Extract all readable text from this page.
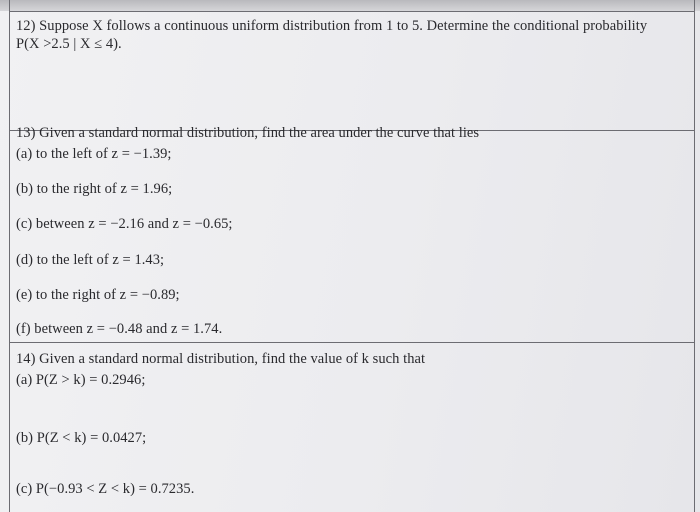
12) Suppose X follows a continuous uniform distribution from 1 to 5. Determine the conditional probability
P(X >2.5 | X ≤ 4).
13) Given a standard normal distribution, find the area under the curve that lies
(a) to the left of z = −1.39;
(b) to the right of z = 1.96;
(c) between z = −2.16 and z = −0.65;
(d) to the left of z = 1.43;
(e) to the right of z = −0.89;
(f) between z = −0.48 and z = 1.74.
14) Given a standard normal distribution, find the value of k such that
(a) P(Z > k) = 0.2946;
(b) P(Z < k) = 0.0427;
(c) P(−0.93 < Z < k) = 0.7235.
